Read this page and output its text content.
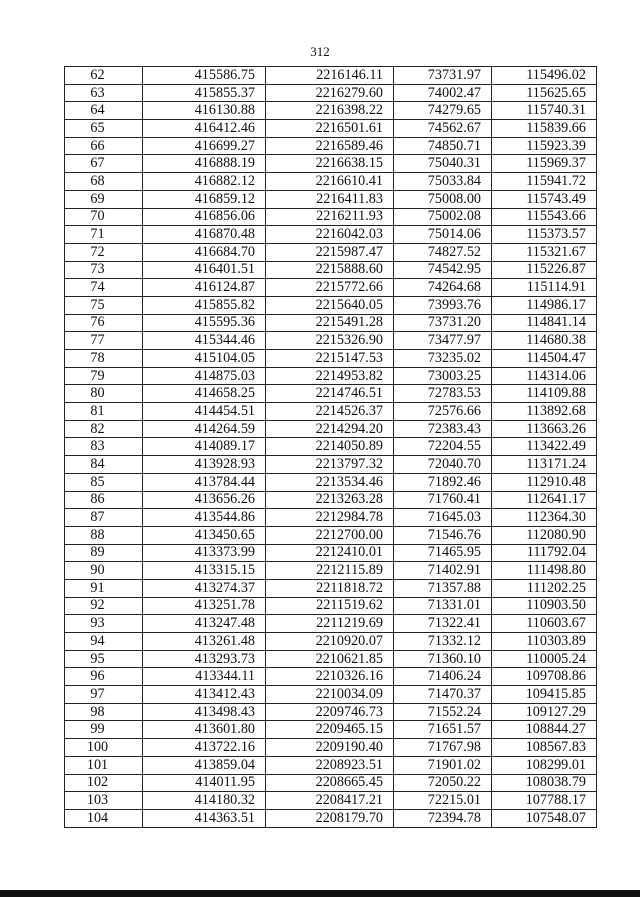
312
62	415586.75	2216146.11	73731.97	115496.02
63	415855.37	2216279.60	74002.47	115625.65
64	416130.88	2216398.22	74279.65	115740.31
65	416412.46	2216501.61	74562.67	115839.66
66	416699.27	2216589.46	74850.71	115923.39
67	416888.19	2216638.15	75040.31	115969.37
68	416882.12	2216610.41	75033.84	115941.72
69	416859.12	2216411.83	75008.00	115743.49
70	416856.06	2216211.93	75002.08	115543.66
71	416870.48	2216042.03	75014.06	115373.57
72	416684.70	2215987.47	74827.52	115321.67
73	416401.51	2215888.60	74542.95	115226.87
74	416124.87	2215772.66	74264.68	115114.91
75	415855.82	2215640.05	73993.76	114986.17
76	415595.36	2215491.28	73731.20	114841.14
77	415344.46	2215326.90	73477.97	114680.38
78	415104.05	2215147.53	73235.02	114504.47
79	414875.03	2214953.82	73003.25	114314.06
80	414658.25	2214746.51	72783.53	114109.88
81	414454.51	2214526.37	72576.66	113892.68
82	414264.59	2214294.20	72383.43	113663.26
83	414089.17	2214050.89	72204.55	113422.49
84	413928.93	2213797.32	72040.70	113171.24
85	413784.44	2213534.46	71892.46	112910.48
86	413656.26	2213263.28	71760.41	112641.17
87	413544.86	2212984.78	71645.03	112364.30
88	413450.65	2212700.00	71546.76	112080.90
89	413373.99	2212410.01	71465.95	111792.04
90	413315.15	2212115.89	71402.91	111498.80
91	413274.37	2211818.72	71357.88	111202.25
92	413251.78	2211519.62	71331.01	110903.50
93	413247.48	2211219.69	71322.41	110603.67
94	413261.48	2210920.07	71332.12	110303.89
95	413293.73	2210621.85	71360.10	110005.24
96	413344.11	2210326.16	71406.24	109708.86
97	413412.43	2210034.09	71470.37	109415.85
98	413498.43	2209746.73	71552.24	109127.29
99	413601.80	2209465.15	71651.57	108844.27
100	413722.16	2209190.40	71767.98	108567.83
101	413859.04	2208923.51	71901.02	108299.01
102	414011.95	2208665.45	72050.22	108038.79
103	414180.32	2208417.21	72215.01	107788.17
104	414363.51	2208179.70	72394.78	107548.07
